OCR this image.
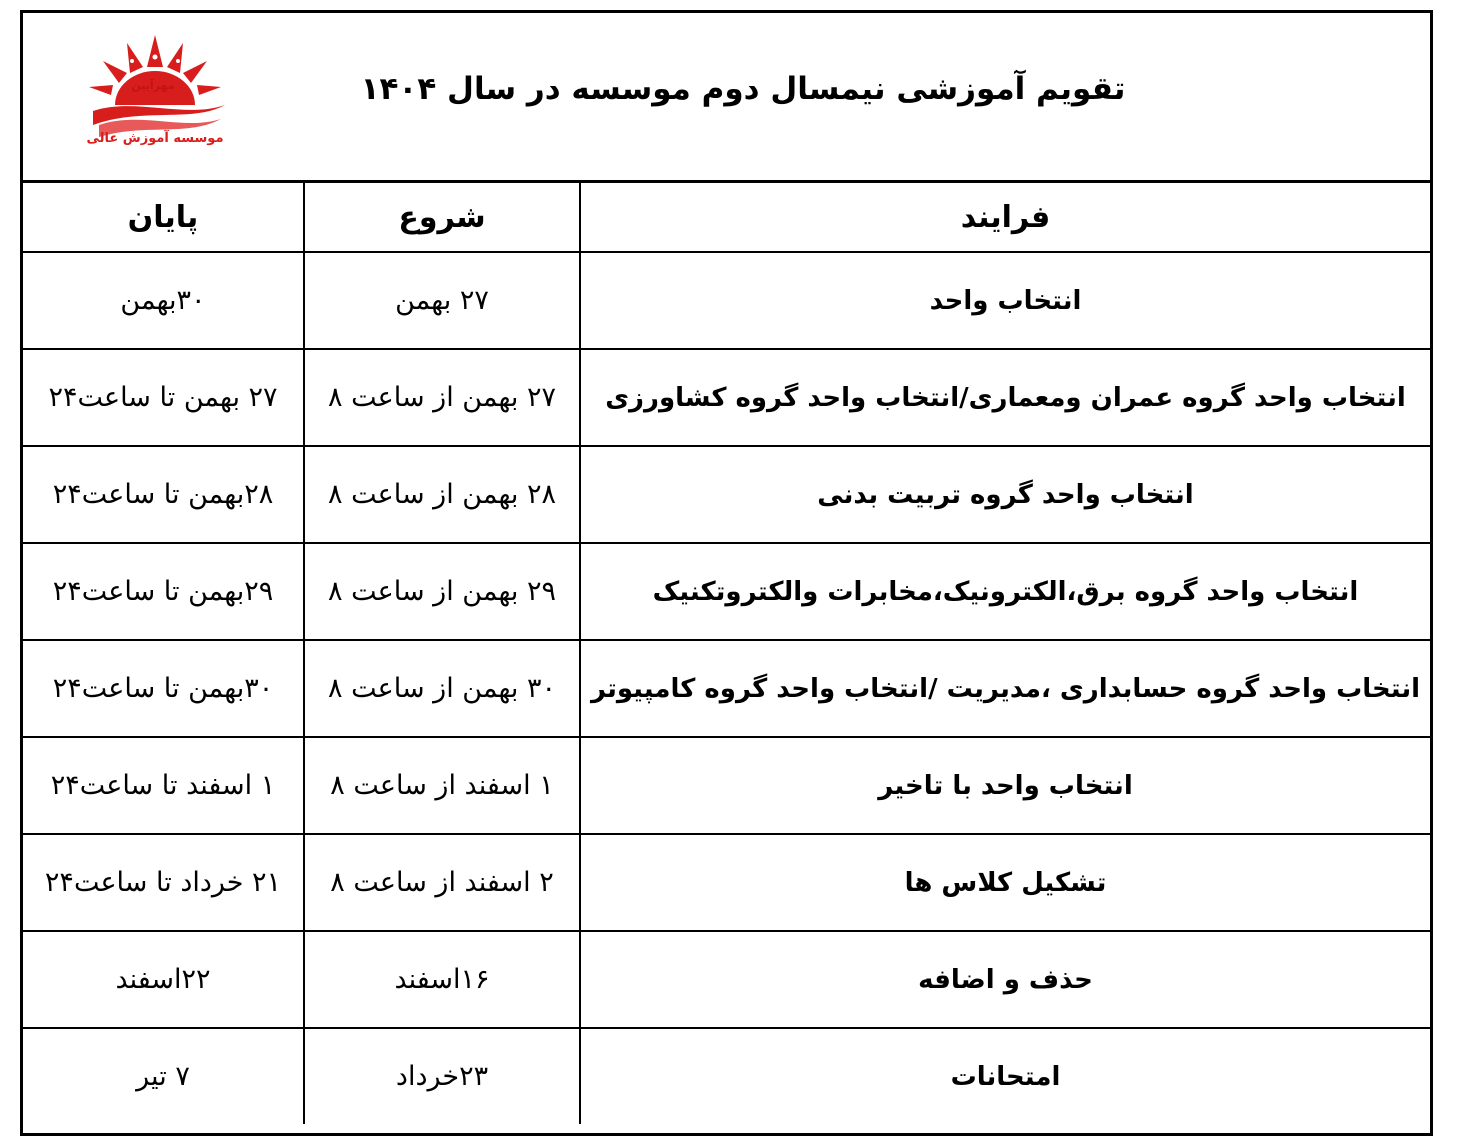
مهرآیین
موسسه آموزش عالی
تقویم آموزشی نیمسال دوم موسسه در سال ۱۴۰۴
پایان	شروع	فرایند
۳۰بهمن	۲۷ بهمن	انتخاب واحد
۲۷ بهمن تا ساعت۲۴	۲۷ بهمن از ساعت ۸	انتخاب واحد گروه عمران ومعماری/انتخاب واحد گروه کشاورزی
۲۸بهمن تا ساعت۲۴	۲۸ بهمن از ساعت ۸	انتخاب واحد گروه تربیت بدنی
۲۹بهمن تا ساعت۲۴	۲۹ بهمن از ساعت ۸	انتخاب واحد گروه برق،الکترونیک،مخابرات والکتروتکنیک
۳۰بهمن تا ساعت۲۴	۳۰ بهمن از ساعت ۸	انتخاب واحد گروه حسابداری ،مدیریت /انتخاب واحد گروه کامپیوتر
۱ اسفند تا ساعت۲۴	۱ اسفند از ساعت ۸	انتخاب واحد با تاخیر
۲۱ خرداد تا ساعت۲۴	۲ اسفند از ساعت ۸	تشکیل کلاس ها
۲۲اسفند	۱۶اسفند	حذف و اضافه
۷ تیر	۲۳خرداد	امتحانات
